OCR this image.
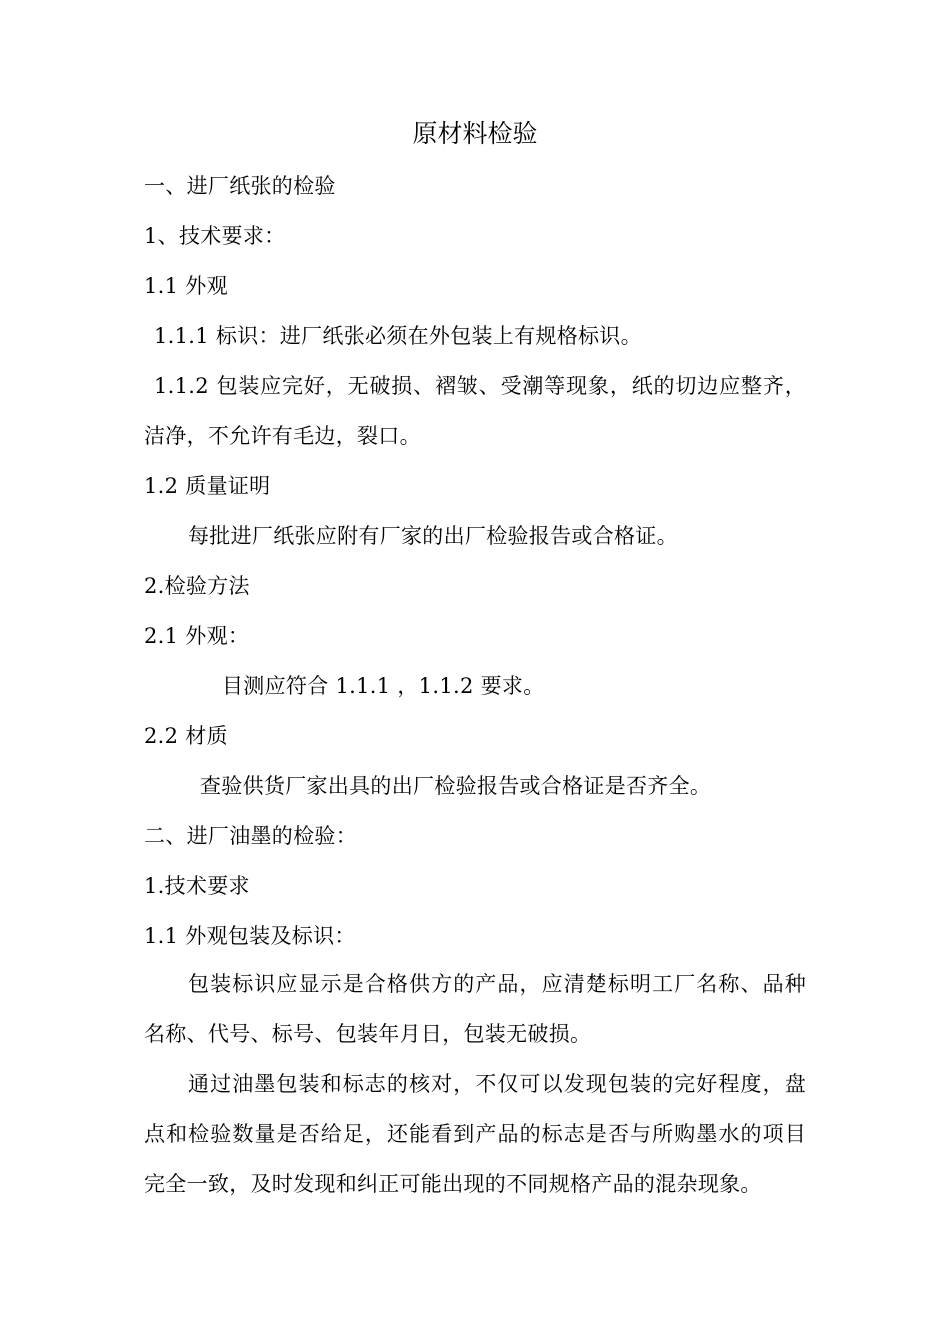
原材料检验
一、进厂纸张的检验
1、技术要求：
1.1 外观
1.1.1 标识：进厂纸张必须在外包装上有规格标识。
1.1.2 包装应完好，无破损、褶皱、受潮等现象，纸的切边应整齐，
洁净，不允许有毛边，裂口。
1.2 质量证明
每批进厂纸张应附有厂家的出厂检验报告或合格证。
2.检验方法
2.1 外观：
目测应符合 1.1.1 ，1.1.2 要求。
2.2 材质
查验供货厂家出具的出厂检验报告或合格证是否齐全。
二、进厂油墨的检验：
1.技术要求
1.1 外观包装及标识：
包装标识应显示是合格供方的产品，应清楚标明工厂名称、品种
名称、代号、标号、包装年月日，包装无破损。
通过油墨包装和标志的核对，不仅可以发现包装的完好程度，盘
点和检验数量是否给足，还能看到产品的标志是否与所购墨水的项目
完全一致，及时发现和纠正可能出现的不同规格产品的混杂现象。
